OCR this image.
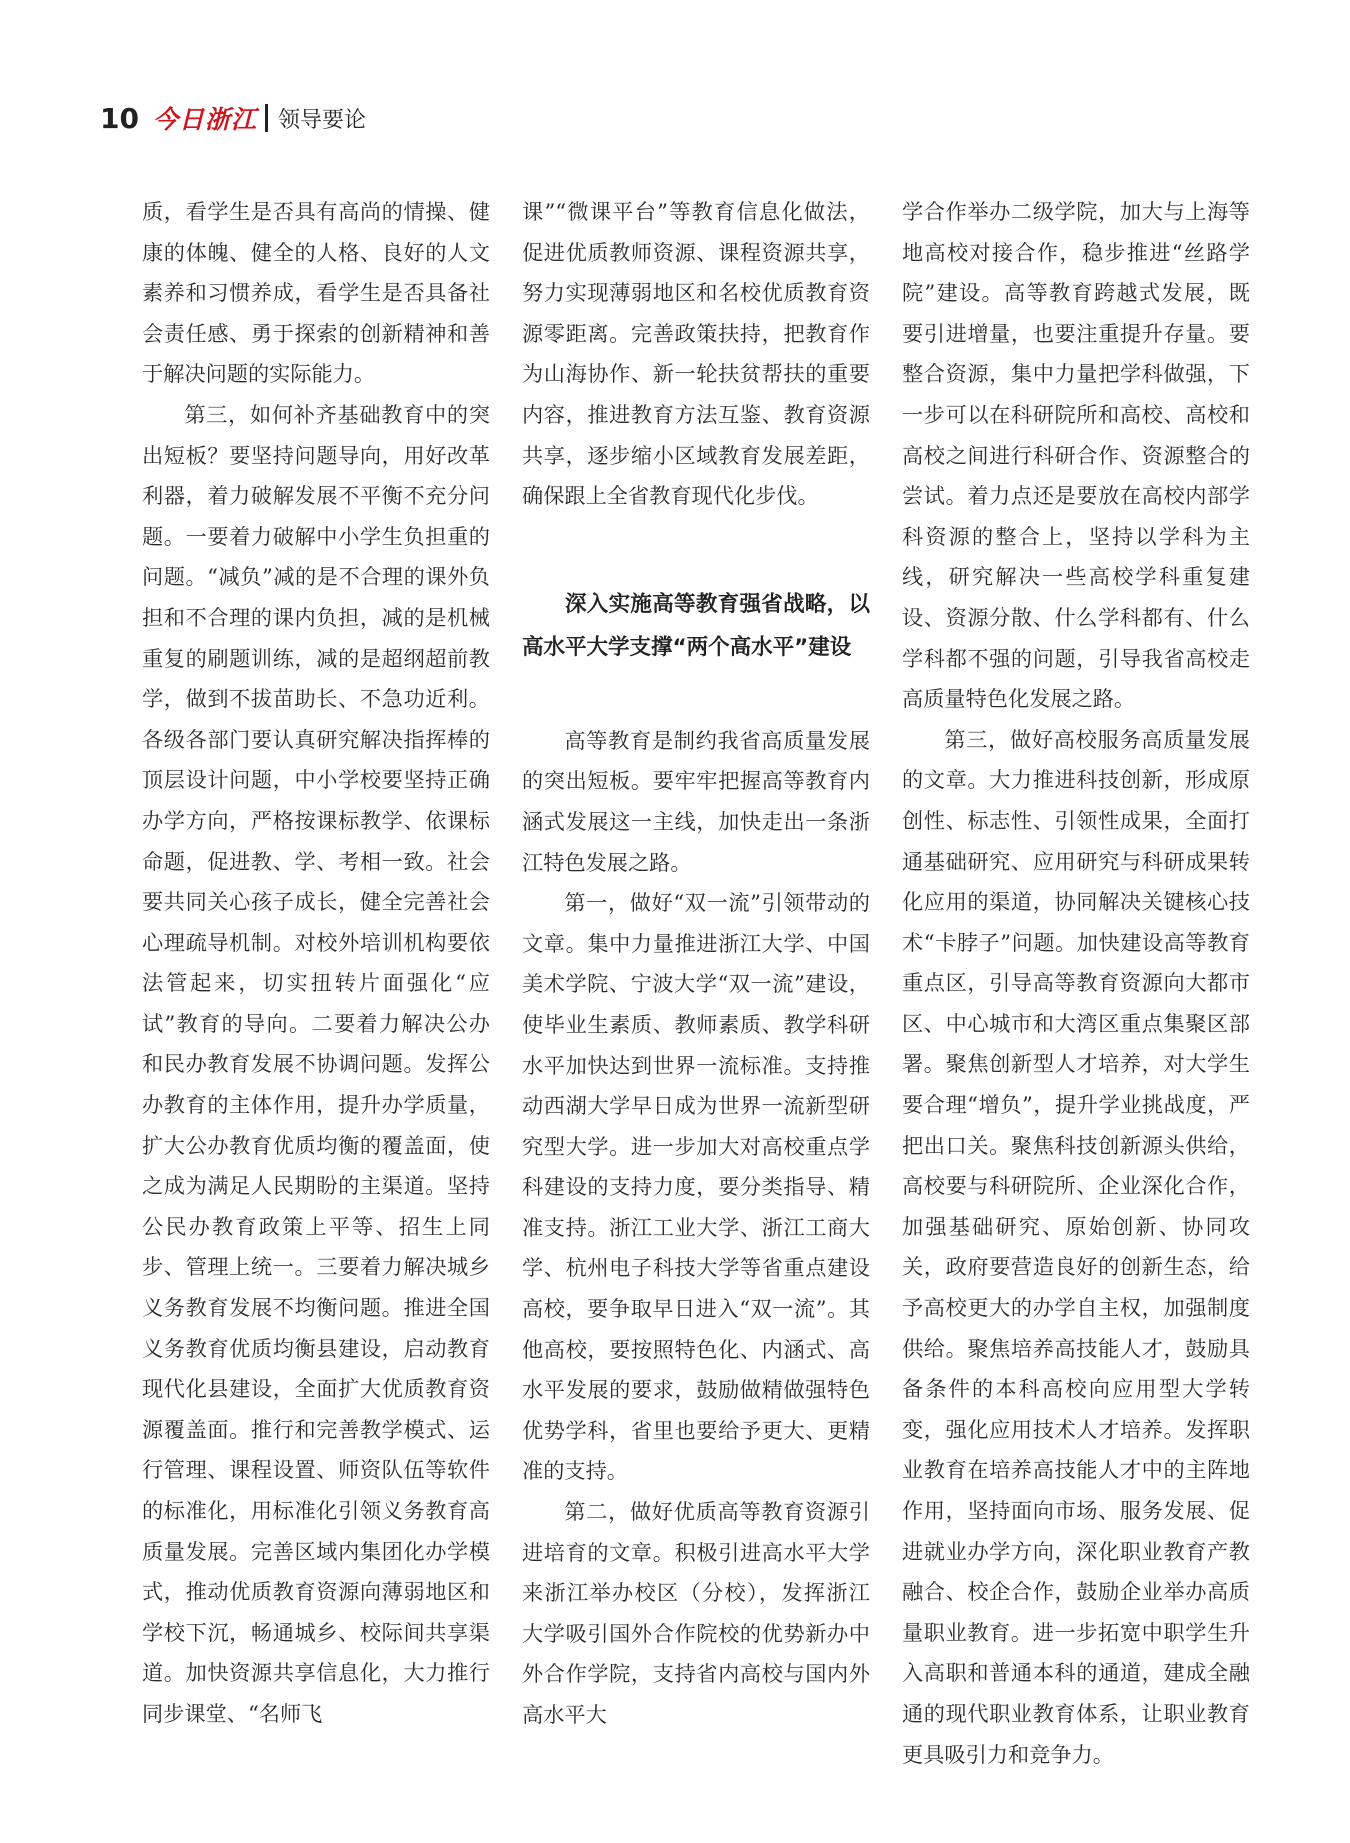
10 今日浙江 领导要论

质，看学生是否具有高尚的情操、健康的体魄、健全的人格、良好的人文素养和习惯养成，看学生是否具备社会责任感、勇于探索的创新精神和善于解决问题的实际能力。

第三，如何补齐基础教育中的突出短板？要坚持问题导向，用好改革利器，着力破解发展不平衡不充分问题。一要着力破解中小学生负担重的问题。“减负”减的是不合理的课外负担和不合理的课内负担，减的是机械重复的刷题训练，减的是超纲超前教学，做到不拔苗助长、不急功近利。各级各部门要认真研究解决指挥棒的顶层设计问题，中小学校要坚持正确办学方向，严格按课标教学、依课标命题，促进教、学、考相一致。社会要共同关心孩子成长，健全完善社会心理疏导机制。对校外培训机构要依法管起来，切实扭转片面强化“应试”教育的导向。二要着力解决公办和民办教育发展不协调问题。发挥公办教育的主体作用，提升办学质量，扩大公办教育优质均衡的覆盖面，使之成为满足人民期盼的主渠道。坚持公民办教育政策上平等、招生上同步、管理上统一。三要着力解决城乡义务教育发展不均衡问题。推进全国义务教育优质均衡县建设，启动教育现代化县建设，全面扩大优质教育资源覆盖面。推行和完善教学模式、运行管理、课程设置、师资队伍等软件的标准化，用标准化引领义务教育高质量发展。完善区域内集团化办学模式，推动优质教育资源向薄弱地区和学校下沉，畅通城乡、校际间共享渠道。加快资源共享信息化，大力推行同步课堂、“名师飞

课”“微课平台”等教育信息化做法，促进优质教师资源、课程资源共享，努力实现薄弱地区和名校优质教育资源零距离。完善政策扶持，把教育作为山海协作、新一轮扶贫帮扶的重要内容，推进教育方法互鉴、教育资源共享，逐步缩小区域教育发展差距，确保跟上全省教育现代化步伐。

深入实施高等教育强省战略，以高水平大学支撑“两个高水平”建设

高等教育是制约我省高质量发展的突出短板。要牢牢把握高等教育内涵式发展这一主线，加快走出一条浙江特色发展之路。

第一，做好“双一流”引领带动的文章。集中力量推进浙江大学、中国美术学院、宁波大学“双一流”建设，使毕业生素质、教师素质、教学科研水平加快达到世界一流标准。支持推动西湖大学早日成为世界一流新型研究型大学。进一步加大对高校重点学科建设的支持力度，要分类指导、精准支持。浙江工业大学、浙江工商大学、杭州电子科技大学等省重点建设高校，要争取早日进入“双一流”。其他高校，要按照特色化、内涵式、高水平发展的要求，鼓励做精做强特色优势学科，省里也要给予更大、更精准的支持。

第二，做好优质高等教育资源引进培育的文章。积极引进高水平大学来浙江举办校区（分校），发挥浙江大学吸引国外合作院校的优势新办中外合作学院，支持省内高校与国内外高水平大

学合作举办二级学院，加大与上海等地高校对接合作，稳步推进“丝路学院”建设。高等教育跨越式发展，既要引进增量，也要注重提升存量。要整合资源，集中力量把学科做强，下一步可以在科研院所和高校、高校和高校之间进行科研合作、资源整合的尝试。着力点还是要放在高校内部学科资源的整合上，坚持以学科为主线，研究解决一些高校学科重复建设、资源分散、什么学科都有、什么学科都不强的问题，引导我省高校走高质量特色化发展之路。

第三，做好高校服务高质量发展的文章。大力推进科技创新，形成原创性、标志性、引领性成果，全面打通基础研究、应用研究与科研成果转化应用的渠道，协同解决关键核心技术“卡脖子”问题。加快建设高等教育重点区，引导高等教育资源向大都市区、中心城市和大湾区重点集聚区部署。聚焦创新型人才培养，对大学生要合理“增负”，提升学业挑战度，严把出口关。聚焦科技创新源头供给，高校要与科研院所、企业深化合作，加强基础研究、原始创新、协同攻关，政府要营造良好的创新生态，给予高校更大的办学自主权，加强制度供给。聚焦培养高技能人才，鼓励具备条件的本科高校向应用型大学转变，强化应用技术人才培养。发挥职业教育在培养高技能人才中的主阵地作用，坚持面向市场、服务发展、促进就业办学方向，深化职业教育产教融合、校企合作，鼓励企业举办高质量职业教育。进一步拓宽中职学生升入高职和普通本科的通道，建成全融通的现代职业教育体系，让职业教育更具吸引力和竞争力。
